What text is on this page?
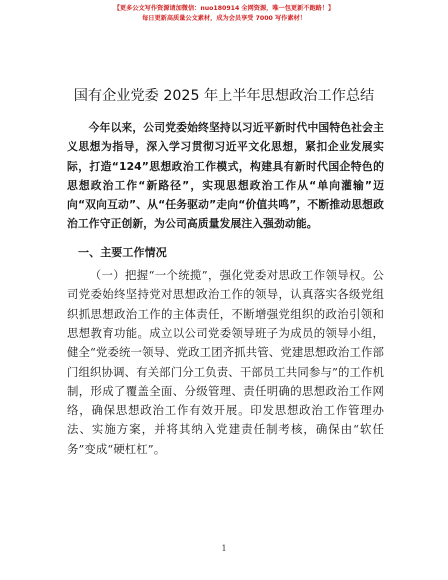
【更多公文写作资源请加微信：nuo180914 全网资源，唯一包更新不跑路！】
每日更新高质量公文素材，成为会员享受 7000 写作素材！
国有企业党委 2025 年上半年思想政治工作总结

今年以来，公司党委始终坚持以习近平新时代中国特色社会主义思想为指导，深入学习贯彻习近平文化思想，紧扣企业发展实际，打造“124”思想政治工作模式，构建具有新时代国企特色的思想政治工作“新路径”，实现思想政治工作从“单向灌输”迈向“双向互动”、从“任务驱动”走向“价值共鸣”，不断推动思想政治工作守正创新，为公司高质量发展注入强劲动能。

一、主要工作情况

（一）把握“一个统揽”，强化党委对思政工作领导权。公司党委始终坚持党对思想政治工作的领导，认真落实各级党组织抓思想政治工作的主体责任，不断增强党组织的政治引领和思想教育功能。成立以公司党委领导班子为成员的领导小组，健全“党委统一领导、党政工团齐抓共管、党建思想政治工作部门组织协调、有关部门分工负责、干部员工共同参与”的工作机制，形成了覆盖全面、分级管理、责任明确的思想政治工作网络，确保思想政治工作有效开展。印发思想政治工作管理办法、实施方案，并将其纳入党建责任制考核，确保由“软任务”变成“硬杠杠”。

1
